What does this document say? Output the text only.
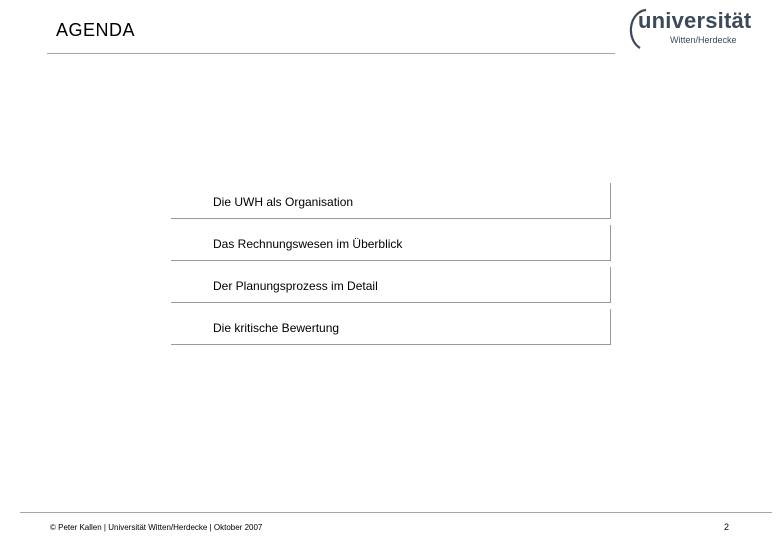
AGENDA	universität
Witten/Herdecke
Die UWH als Organisation
Das Rechnungswesen im Überblick
Der Planungsprozess im Detail
Die kritische Bewertung
© Peter Kallen | Universität Witten/Herdecke | Oktober 2007	2
